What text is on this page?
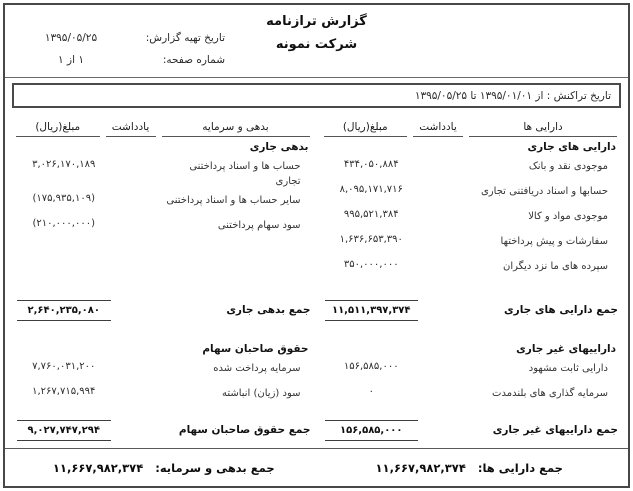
گزارش ترازنامه
شرکت نمونه
تاریخ تهیه گزارش:
۱۳۹۵/۰۵/۲۵
شماره صفحه:
۱ از ۱
تاریخ تراکنش : از ۱۳۹۵/۰۱/۰۱ تا ۱۳۹۵/۰۵/۲۵
دارایی ها
یادداشت
مبلغ(ریال)
دارایی های جاری
موجودی نقد و بانک
۴۳۴,۰۵۰,۸۸۴
حسابها و اسناد دریافتنی تجاری
۸,۰۹۵,۱۷۱,۷۱۶
موجودی مواد و کالا
۹۹۵,۵۲۱,۳۸۴
سفارشات و پیش پرداختها
۱,۶۳۶,۶۵۳,۳۹۰
سپرده های ما نزد دیگران
۳۵۰,۰۰۰,۰۰۰
جمع دارایی های جاری
۱۱,۵۱۱,۳۹۷,۳۷۴
داراییهای غیر جاری
دارایی ثابت مشهود
۱۵۶,۵۸۵,۰۰۰
سرمایه گذاری های بلندمدت
۰
جمع داراییهای غیر جاری
۱۵۶,۵۸۵,۰۰۰
بدهی و سرمایه
یادداشت
مبلغ(ریال)
بدهی جاری
حساب ها و اسناد پرداختنی تجاری
۳,۰۲۶,۱۷۰,۱۸۹
سایر حساب ها و اسناد پرداختنی
(۱۷۵,۹۳۵,۱۰۹)
سود سهام پرداختنی
(۲۱۰,۰۰۰,۰۰۰)
جمع بدهی جاری
۲,۶۴۰,۲۳۵,۰۸۰
حقوق صاحبان سهام
سرمایه پرداخت شده
۷,۷۶۰,۰۳۱,۲۰۰
سود (زیان) انباشته
۱,۲۶۷,۷۱۵,۹۹۴
جمع حقوق صاحبان سهام
۹,۰۲۷,۷۴۷,۲۹۴
جمع دارایی ها:
۱۱,۶۶۷,۹۸۲,۳۷۴
جمع بدهی و سرمایه:
۱۱,۶۶۷,۹۸۲,۳۷۴
